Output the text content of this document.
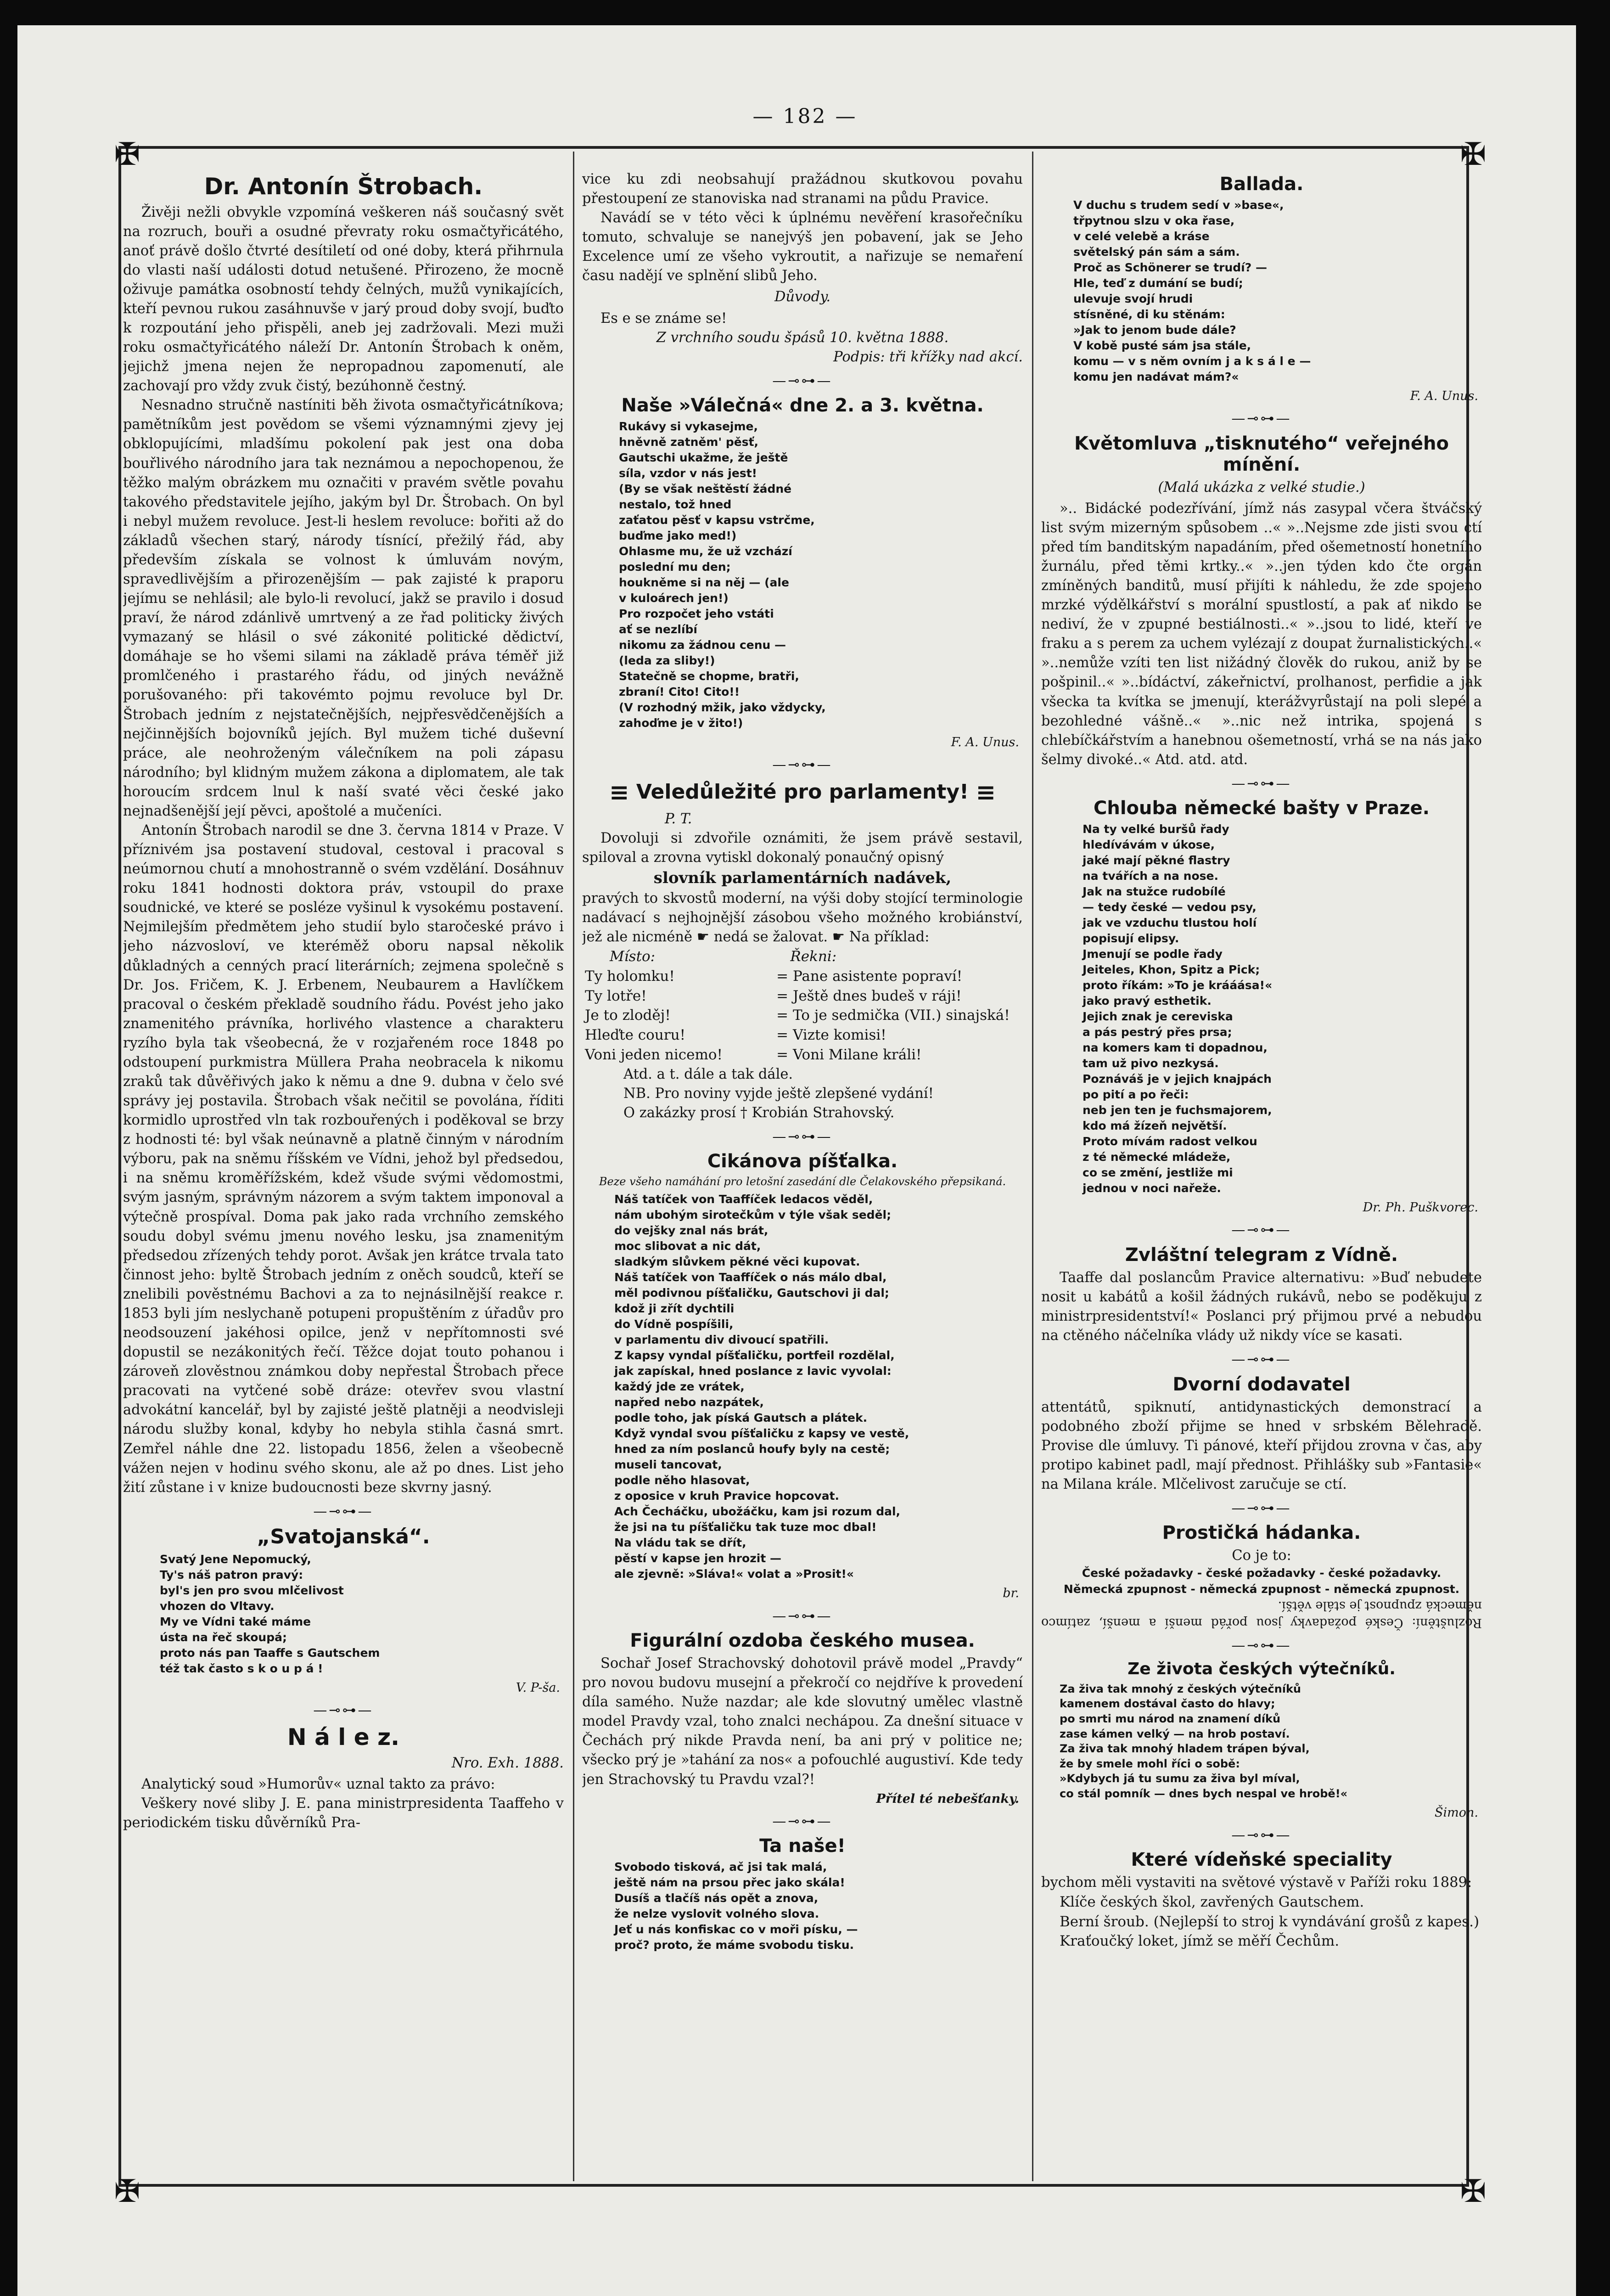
— 182 —
✠	✠
✠	✠
Dr. Antonín Štrobach.

Živěji nežli obvykle vzpomíná veškeren náš současný svět na rozruch, bouři a osudné převraty roku osmačtyřicátého, anoť právě došlo čtvrté desítiletí od oné doby, která přihrnula do vlasti naší události dotud netušené. Přirozeno, že mocně oživuje památka osobností tehdy čelných, mužů vynikajících, kteří pevnou rukou zasáhnuvše v jarý proud doby svojí, buďto k rozpoutání jeho přispěli, aneb jej zadržovali. Mezi muži roku osmačtyřicátého náleží Dr. Antonín Štrobach k oněm, jejichž jmena nejen že nepropadnou zapomenutí, ale zachovají pro vždy zvuk čistý, bezúhonně čestný.

Nesnadno stručně nastíniti běh života osmačtyřicátníkova; pamětníkům jest povědom se všemi významnými zjevy jej obklopujícími, mladšímu pokolení pak jest ona doba bouřlivého národního jara tak neznámou a nepochopenou, že těžko malým obrázkem mu označiti v pravém světle povahu takového představitele jejího, jakým byl Dr. Štrobach. On byl i nebyl mužem revoluce. Jest-li heslem revoluce: bořiti až do základů všechen starý, národy tísnící, přežilý řád, aby především získala se volnost k úmluvám novým, spravedlivějším a přirozenějším — pak zajisté k praporu jejímu se nehlásil; ale bylo-li revolucí, jakž se pravilo i dosud praví, že národ zdánlivě umrtvený a ze řad politicky živých vymazaný se hlásil o své zákonité politické dědictví, domáhaje se ho všemi silami na základě práva téměř již promlčeného i prastarého řádu, od jiných nevážně porušovaného: při takovémto pojmu revoluce byl Dr. Štrobach jedním z nejstatečnějších, nejpřesvědčenějších a nejčinnějších bojovníků jejích. Byl mužem tiché duševní práce, ale neohroženým válečníkem na poli zápasu národního; byl klidným mužem zákona a diplomatem, ale tak horoucím srdcem lnul k naší svaté věci české jako nejnadšenější její pěvci, apoštolé a mučeníci.

Antonín Štrobach narodil se dne 3. června 1814 v Praze. V příznivém jsa postavení studoval, cestoval i pracoval s neúmornou chutí a mnohostranně o svém vzdělání. Dosáhnuv roku 1841 hodnosti doktora práv, vstoupil do praxe soudnické, ve které se posléze vyšinul k vysokému postavení. Nejmilejším předmětem jeho studií bylo staročeské právo i jeho názvosloví, ve kteréměž oboru napsal několik důkladných a cenných prací literárních; zejmena společně s Dr. Jos. Fričem, K. J. Erbenem, Neubaurem a Havlíčkem pracoval o českém překladě soudního řádu. Povést jeho jako znamenitého právníka, horlivého vlastence a charakteru ryzího byla tak všeobecná, že v rozjařeném roce 1848 po odstoupení purkmistra Müllera Praha neobracela k nikomu zraků tak důvěřivých jako k němu a dne 9. dubna v čelo své správy jej postavila. Štrobach však nečitil se povolána, říditi kormidlo uprostřed vln tak rozbouřených i poděkoval se brzy z hodnosti té: byl však neúnavně a platně činným v národním výboru, pak na sněmu říšském ve Vídni, jehož byl předsedou, i na sněmu kroměřížském, kdež všude svými vědomostmi, svým jasným, správným názorem a svým taktem imponoval a výtečně prospíval. Doma pak jako rada vrchního zemského soudu dobyl svému jmenu nového lesku, jsa znamenitým předsedou zřízených tehdy porot. Avšak jen krátce trvala tato činnost jeho: byltě Štrobach jedním z oněch soudců, kteří se znelibili pověstnému Bachovi a za to nejnásilnější reakce r. 1853 byli jím neslychaně potupeni propuštěním z úřadův pro neodsouzení jakéhosi opilce, jenž v nepřítomnosti své dopustil se nezákonitých řečí. Těžce dojat touto pohanou i zároveň zlověstnou známkou doby nepřestal Štrobach přece pracovati na vytčené sobě dráze: otevřev svou vlastní advokátní kancelář, byl by zajisté ještě platněji a neodvisleji národu služby konal, kdyby ho nebyla stihla časná smrt. Zemřel náhle dne 22. listopadu 1856, želen a všeobecně vážen nejen v hodinu svého skonu, ale až po dnes. List jeho žití zůstane i v knize budoucnosti beze skvrny jasný.

—⊸⊶—
„Svatojanská“.
Svatý Jene Nepomucký,
Ty's náš patron pravý:
byl's jen pro svou mlčelivost
vhozen do Vltavy.
My ve Vídni také máme
ústa na řeč skoupá;
proto nás pan Taaffe s Gautschem
též tak často s k o u p á !
V. P-ša.
—⊸⊶—
N á l e z.
Nro. Exh. 1888.

Analytický soud »Humorův« uznal takto za právo:

Veškery nové sliby J. E. pana ministrpresidenta Taaffeho v periodickém tisku důvěrníků Pra-

vice ku zdi neobsahují pražádnou skutkovou povahu přestoupení ze stanoviska nad stranami na půdu Pravice.

Navádí se v této věci k úplnému nevěření krasořečníku tomuto, schvaluje se nanejvýš jen pobavení, jak se Jeho Excelence umí ze všeho vykroutit, a nařizuje se nemaření času nadějí ve splnění slibů Jeho.

Důvody.

Es e se známe se!

Z vrchního soudu špásů 10. května 1888.

Podpis: tři křížky nad akcí.

—⊸⊶—
Naše »Válečná« dne 2. a 3. května.
Rukávy si vykasejme,
hněvně zatněm' pěsť,
Gautschi ukažme, že ještě
síla, vzdor v nás jest!
(By se však neštěstí žádné
nestalo, tož hned
zaťatou pěsť v kapsu vstrčme,
buďme jako med!)
Ohlasme mu, že už vzchází
poslední mu den;
houkněme si na něj — (ale
v kuloárech jen!)
Pro rozpočet jeho vstáti
ať se nezlíbí
nikomu za žádnou cenu —
(leda za sliby!)
Statečně se chopme, bratři,
zbraní! Cito! Cito!!
(V rozhodný mžik, jako vždycky,
zahoďme je v žito!)
F. A. Unus.
—⊸⊶—
≡ Veledůležité pro parlamenty! ≡

P. T.

Dovoluji si zdvořile oznámiti, že jsem právě sestavil, spiloval a zrovna vytiskl dokonalý ponaučný opisný

slovník parlamentárních nadávek,

pravých to skvostů moderní, na výši doby stojící terminologie nadávací s nejhojnější zásobou všeho možného krobiánství, jež ale nicméně ☛ nedá se žalovat. ☛ Na příklad:

Místo:	Řekni:
Ty holomku!	= Pane asistente popraví!
Ty lotře!	= Ještě dnes budeš v ráji!
Je to zloděj!	= To je sedmička (VII.) sinajská!
Hleďte couru!	= Vizte komisi!
Voni jeden nicemo!	= Voni Milane králi!

Atd. a t. dále a tak dále.

NB. Pro noviny vyjde ještě zlepšené vydání!

O zakázky prosí † Krobián Strahovský.

—⊸⊶—
Cikánova píšťalka.
Beze všeho namáhání pro letošní zasedání dle Čelakovského přepsikaná.
Náš tatíček von Taaffíček ledacos věděl,
nám ubohým sirotečkům v týle však seděl;
do vejšky znal nás brát,
moc slibovat a nic dát,
sladkým slůvkem pěkné věci kupovat.
Náš tatíček von Taaffíček o nás málo dbal,
měl podivnou píšťaličku, Gautschovi ji dal;
kdož ji zřít dychtili
do Vídně pospíšili,
v parlamentu div divoucí spatřili.
Z kapsy vyndal píšťaličku, portfeil rozdělal,
jak zapískal, hned poslance z lavic vyvolal:
každý jde ze vrátek,
napřed nebo nazpátek,
podle toho, jak píská Gautsch a plátek.
Když vyndal svou píšťaličku z kapsy ve vestě,
hned za ním poslanců houfy byly na cestě;
museli tancovat,
podle něho hlasovat,
z oposice v kruh Pravice hopcovat.
Ach Čecháčku, ubožáčku, kam jsi rozum dal,
že jsi na tu píšťaličku tak tuze moc dbal!
Na vládu tak se dřít,
pěstí v kapse jen hrozit —
ale zjevně: »Sláva!« volat a »Prosit!«
br.
—⊸⊶—
Figurální ozdoba českého musea.

Sochař Josef Strachovský dohotovil právě model „Pravdy“ pro novou budovu musejní a překročí co nejdříve k provedení díla samého. Nuže nazdar; ale kde slovutný umělec vlastně model Pravdy vzal, toho znalci nechápou. Za dnešní situace v Čechách prý nikde Pravda není, ba ani prý v politice ne; všecko prý je »tahání za nos« a pofouchlé augustiví. Kde tedy jen Strachovský tu Pravdu vzal?!

Přítel té nebešťanky.
—⊸⊶—
Ta naše!
Svobodo tisková, ač jsi tak malá,
ještě nám na prsou přec jako skála!
Dusíš a tlačíš nás opět a znova,
že nelze vyslovit volného slova.
Jeť u nás konfiskac co v moři písku, —
proč? proto, že máme svobodu tisku.
Ballada.
V duchu s trudem sedí v »base«,
třpytnou slzu v oka řase,
v celé velebě a kráse
světelský pán sám a sám.
Proč as Schönerer se trudí? —
Hle, teď z dumání se budí;
ulevuje svojí hrudi
stísněné, di ku stěnám:
»Jak to jenom bude dále?
V kobě pusté sám jsa stále,
komu — v s něm ovním j a k s á l e —
komu jen nadávat mám?«
F. A. Unus.
—⊸⊶—
Květomluva „tisknutého“ veřejného mínění.
(Malá ukázka z velké studie.)

».. Bidácké podezřívání, jímž nás zasypal včera štváčský list svým mizerným spůsobem ..« »..Nejsme zde jisti svou ctí před tím banditským napadáním, před ošemetností honetního žurnálu, před těmi krtky..« »..jen týden kdo čte orgán zmíněných banditů, musí přijíti k náhledu, že zde spojeno mrzké výdělkářství s morální spustlostí, a pak ať nikdo se nediví, že v zpupné bestiálnosti..« »..jsou to lidé, kteří ve fraku a s perem za uchem vylézají z doupat žurnalistických..« »..nemůže vzíti ten list nižádný člověk do rukou, aniž by se pošpinil..« »..bídáctví, zákeřnictví, prolhanost, perfidie a jak všecka ta kvítka se jmenují, kterážvyrůstají na poli slepé a bezohledné vášně..« »..nic než intrika, spojená s chlebíčkářstvím a hanebnou ošemetností, vrhá se na nás jako šelmy divoké..« Atd. atd. atd.

—⊸⊶—
Chlouba německé bašty v Praze.
Na ty velké buršů řady
hledívávám v úkose,
jaké mají pěkné flastry
na tvářích a na nose.
Jak na stužce rudobílé
— tedy české — vedou psy,
jak ve vzduchu tlustou holí
popisují elipsy.
Jmenují se podle řady
Jeiteles, Khon, Spitz a Pick;
proto říkám: »To je krááása!«
jako pravý esthetik.
Jejich znak je cereviska
a pás pestrý přes prsa;
na komers kam ti dopadnou,
tam už pivo nezkysá.
Poznáváš je v jejich knajpách
po pití a po řeči:
neb jen ten je fuchsmajorem,
kdo má žízeň největší.
Proto mívám radost velkou
z té německé mládeže,
co se změní, jestliže mi
jednou v noci nařeže.
Dr. Ph. Puškvorec.
—⊸⊶—
Zvláštní telegram z Vídně.

Taaffe dal poslancům Pravice alternativu: »Buď nebudete nosit u kabátů a košil žádných rukávů, nebo se poděkuju z ministrpresidentství!« Poslanci prý přijmou prvé a nebudou na ctěného náčelníka vlády už nikdy více se kasati.

—⊸⊶—
Dvorní dodavatel

attentátů, spiknutí, antidynastických demonstrací a podobného zboží přijme se hned v srbském Bělehradě. Provise dle úmluvy. Ti pánové, kteří přijdou zrovna v čas, aby protipo kabinet padl, mají přednost. Přihlášky sub »Fantasie« na Milana krále. Mlčelivost zaručuje se ctí.

—⊸⊶—
Prostičká hádanka.

Co je to:

České požadavky - české požadavky - české požadavky.

Německá zpupnost - německá zpupnost - německá zpupnost.

Rozluštění: České požadavky jsou pořád menší a menší, zatímco německá zpupnost je stále větší.

—⊸⊶—
Ze života českých výtečníků.
Za živa tak mnohý z českých výtečníků
kamenem dostával často do hlavy;
po smrti mu národ na znamení díků
zase kámen velký — na hrob postaví.
Za živa tak mnohý hladem trápen býval,
že by smele mohl říci o sobě:
»Kdybych já tu sumu za živa byl míval,
co stál pomník — dnes bych nespal ve hrobě!«
Šimon.
—⊸⊶—
Které vídeňské speciality

bychom měli vystaviti na světové výstavě v Paříži roku 1889:

Klíče českých škol, zavřených Gautschem.
Berní šroub. (Nejlepší to stroj k vyndávání grošů z kapes.)
Kraťoučký loket, jímž se měří Čechům.
